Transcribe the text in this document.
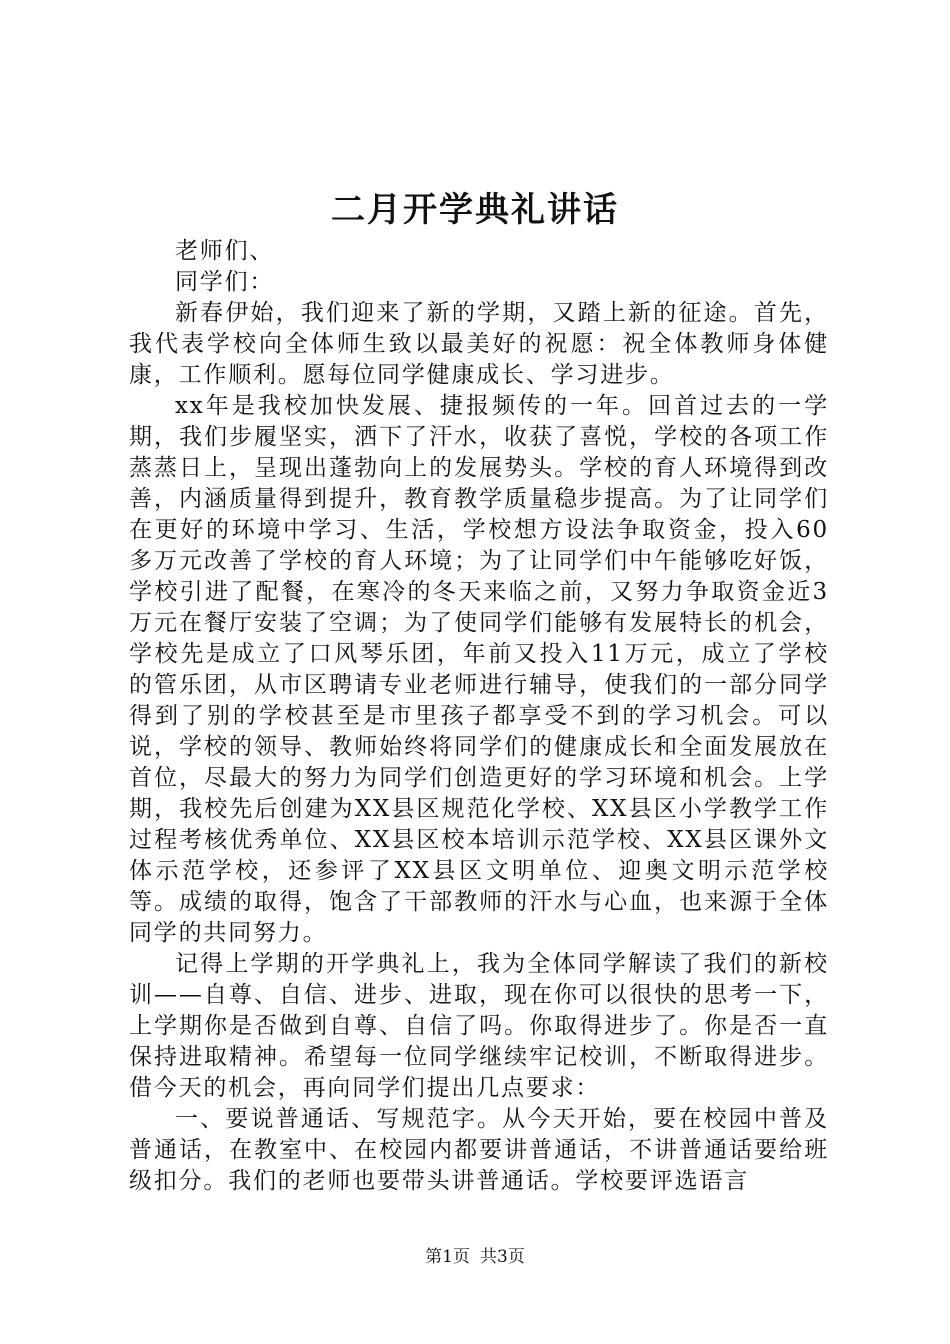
二月开学典礼讲话

老师们、

同学们：

新春伊始，我们迎来了新的学期，又踏上新的征途。首先，我代表学校向全体师生致以最美好的祝愿：祝全体教师身体健康，工作顺利。愿每位同学健康成长、学习进步。

xx年是我校加快发展、捷报频传的一年。回首过去的一学期，我们步履坚实，洒下了汗水，收获了喜悦，学校的各项工作蒸蒸日上，呈现出蓬勃向上的发展势头。学校的育人环境得到改善，内涵质量得到提升，教育教学质量稳步提高。为了让同学们在更好的环境中学习、生活，学校想方设法争取资金，投入60多万元改善了学校的育人环境；为了让同学们中午能够吃好饭，学校引进了配餐，在寒冷的冬天来临之前，又努力争取资金近3万元在餐厅安装了空调；为了使同学们能够有发展特长的机会，学校先是成立了口风琴乐团，年前又投入11万元，成立了学校的管乐团，从市区聘请专业老师进行辅导，使我们的一部分同学得到了别的学校甚至是市里孩子都享受不到的学习机会。可以说，学校的领导、教师始终将同学们的健康成长和全面发展放在首位，尽最大的努力为同学们创造更好的学习环境和机会。上学期，我校先后创建为XX县区规范化学校、XX县区小学教学工作过程考核优秀单位、XX县区校本培训示范学校、XX县区课外文体示范学校，还参评了XX县区文明单位、迎奥文明示范学校等。成绩的取得，饱含了干部教师的汗水与心血，也来源于全体同学的共同努力。

记得上学期的开学典礼上，我为全体同学解读了我们的新校训——自尊、自信、进步、进取，现在你可以很快的思考一下，上学期你是否做到自尊、自信了吗。你取得进步了。你是否一直保持进取精神。希望每一位同学继续牢记校训，不断取得进步。借今天的机会，再向同学们提出几点要求：

一、要说普通话、写规范字。从今天开始，要在校园中普及普通话，在教室中、在校园内都要讲普通话，不讲普通话要给班级扣分。我们的老师也要带头讲普通话。学校要评选语言

第1页 共3页
